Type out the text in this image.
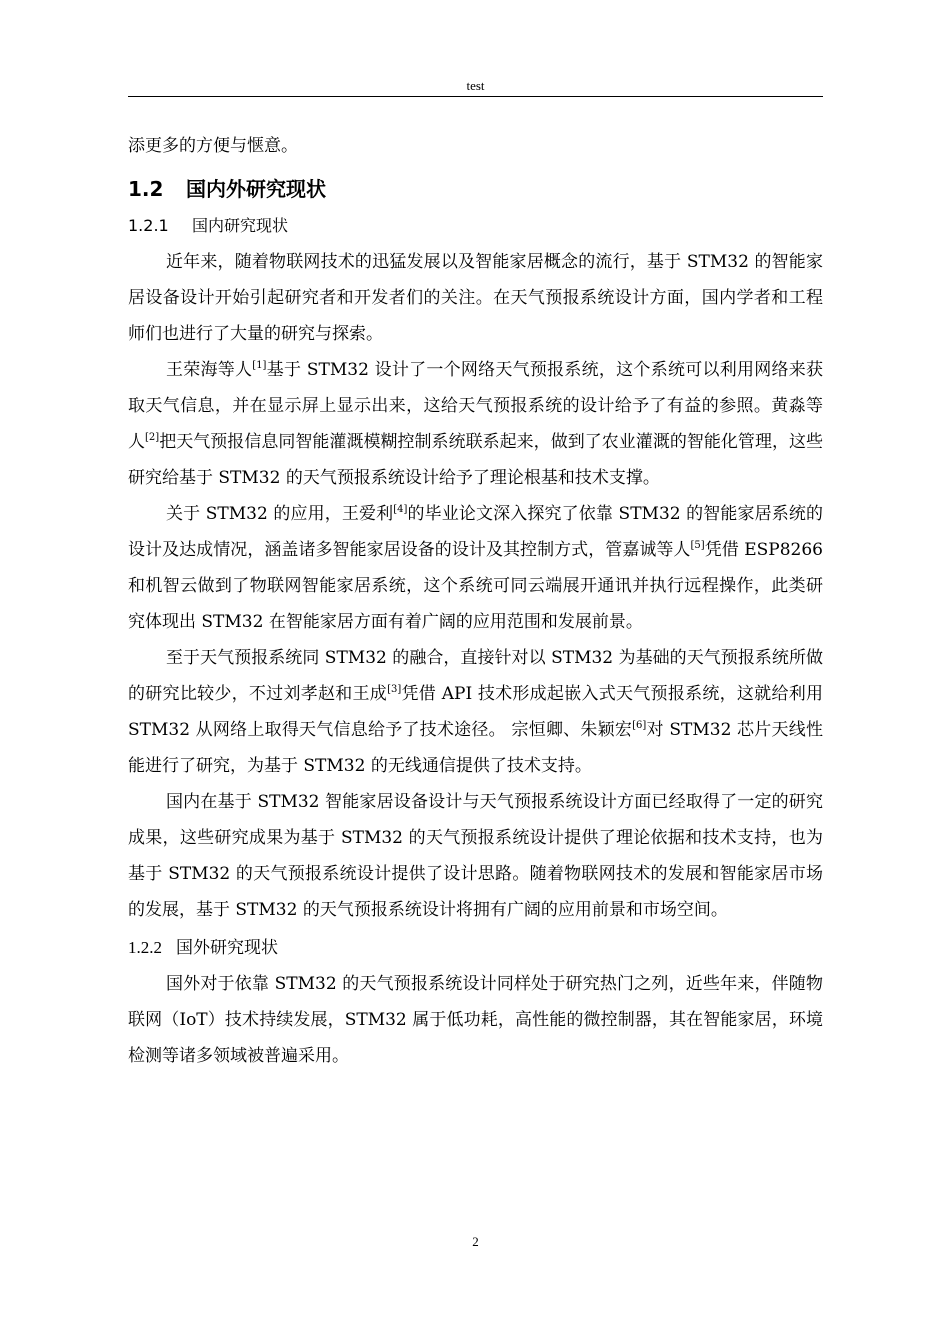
test

添更多的方便与惬意。

1.2 国内外研究现状
1.2.1 国内研究现状

近年来，随着物联网技术的迅猛发展以及智能家居概念的流行，基于 STM32 的智能家居设备设计开始引起研究者和开发者们的关注。在天气预报系统设计方面，国内学者和工程师们也进行了大量的研究与探索。

王荣海等人[1]基于 STM32 设计了一个网络天气预报系统，这个系统可以利用网络来获取天气信息，并在显示屏上显示出来，这给天气预报系统的设计给予了有益的参照。黄淼等人[2]把天气预报信息同智能灌溉模糊控制系统联系起来，做到了农业灌溉的智能化管理，这些研究给基于 STM32 的天气预报系统设计给予了理论根基和技术支撑。

关于 STM32 的应用，王爱利[4]的毕业论文深入探究了依靠 STM32 的智能家居系统的设计及达成情况，涵盖诸多智能家居设备的设计及其控制方式，管嘉诚等人[5]凭借 ESP8266 和机智云做到了物联网智能家居系统，这个系统可同云端展开通讯并执行远程操作，此类研究体现出 STM32 在智能家居方面有着广阔的应用范围和发展前景。

至于天气预报系统同 STM32 的融合，直接针对以 STM32 为基础的天气预报系统所做的研究比较少，不过刘孝赵和王成[3]凭借 API 技术形成起嵌入式天气预报系统，这就给利用 STM32 从网络上取得天气信息给予了技术途径。 宗恒卿、朱颖宏[6]对 STM32 芯片天线性能进行了研究，为基于 STM32 的无线通信提供了技术支持。

国内在基于 STM32 智能家居设备设计与天气预报系统设计方面已经取得了一定的研究成果，这些研究成果为基于 STM32 的天气预报系统设计提供了理论依据和技术支持，也为基于 STM32 的天气预报系统设计提供了设计思路。随着物联网技术的发展和智能家居市场的发展，基于 STM32 的天气预报系统设计将拥有广阔的应用前景和市场空间。

1.2.2 国外研究现状

国外对于依靠 STM32 的天气预报系统设计同样处于研究热门之列，近些年来，伴随物联网（IoT）技术持续发展，STM32 属于低功耗，高性能的微控制器，其在智能家居，环境检测等诸多领域被普遍采用。

2
